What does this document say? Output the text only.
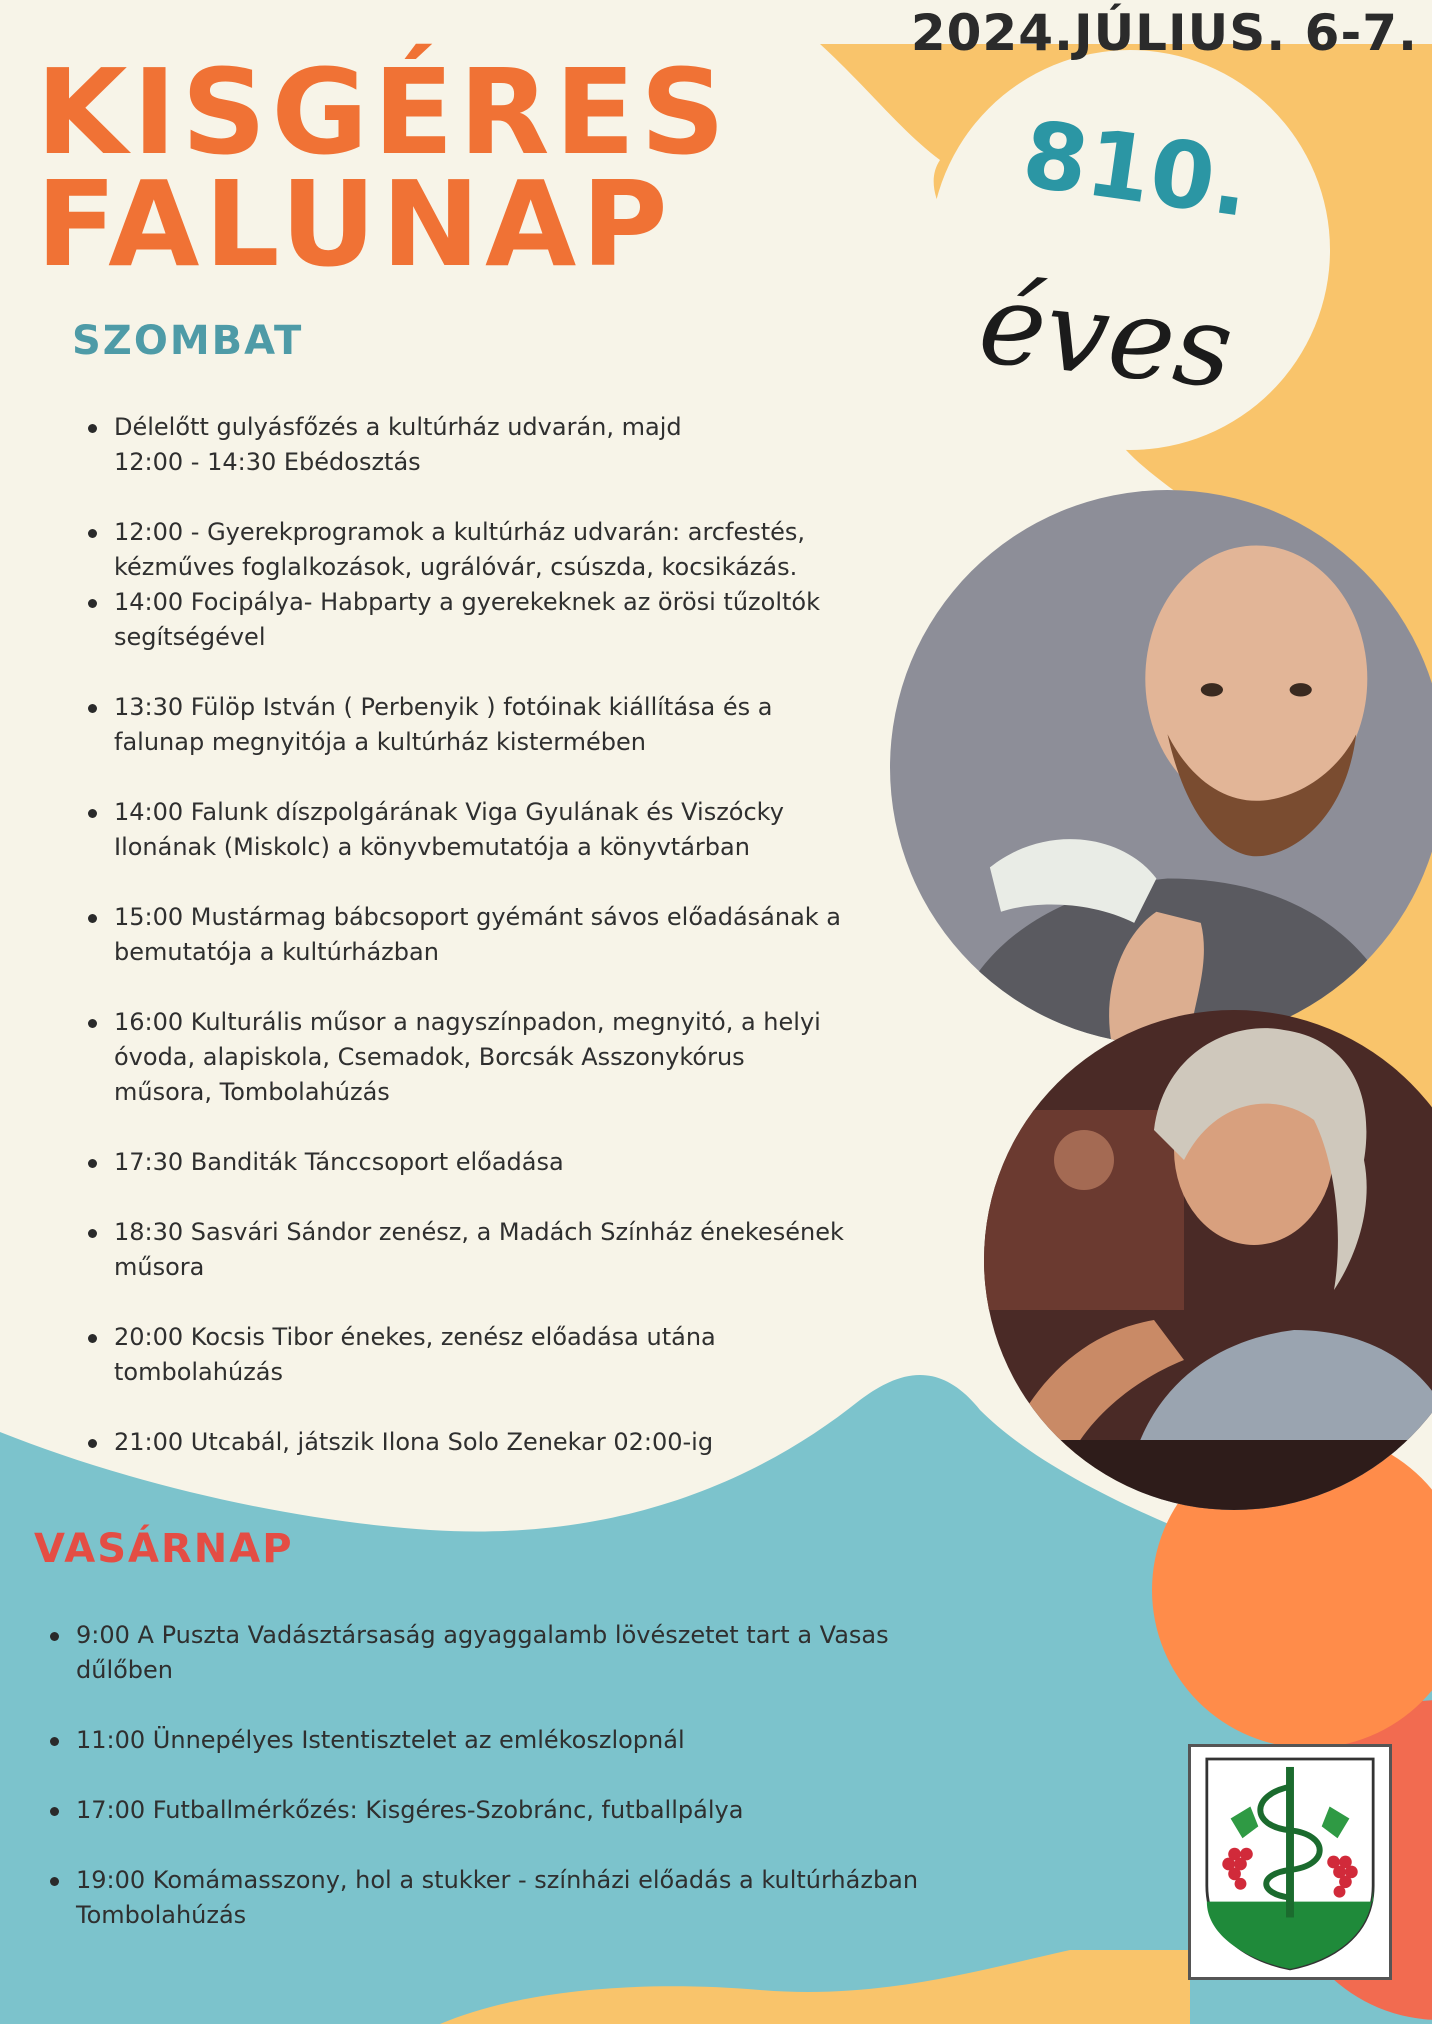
2024.JÚLIUS. 6-7.
KISGÉRES
FALUNAP	810.
éves
SZOMBAT
Délelőtt gulyásfőzés a kultúrház udvarán, majd
12:00 - 14:30 Ebédosztás
12:00 - Gyerekprogramok a kultúrház udvarán: arcfestés,
kézműves foglalkozások, ugrálóvár, csúszda, kocsikázás.
14:00 Focipálya- Habparty a gyerekeknek az örösi tűzoltók
segítségével
13:30 Fülöp István ( Perbenyik ) fotóinak kiállítása és a
falunap megnyitója a kultúrház kistermében
14:00 Falunk díszpolgárának Viga Gyulának és Viszócky
Ilonának (Miskolc) a könyvbemutatója a könyvtárban
15:00 Mustármag bábcsoport gyémánt sávos előadásának a
bemutatója a kultúrházban
16:00 Kulturális műsor a nagyszínpadon, megnyitó, a helyi
óvoda, alapiskola, Csemadok, Borcsák Asszonykórus
műsora, Tombolahúzás
17:30 Banditák Tánccsoport előadása
18:30 Sasvári Sándor zenész, a Madách Színház énekesének
műsora
20:00 Kocsis Tibor énekes, zenész előadása utána
tombolahúzás
21:00 Utcabál, játszik Ilona Solo Zenekar 02:00-ig
VASÁRNAP
9:00 A Puszta Vadásztársaság agyaggalamb lövészetet tart a Vasas
dűlőben
11:00 Ünnepélyes Istentisztelet az emlékoszlopnál
17:00 Futballmérkőzés: Kisgéres-Szobránc, futballpálya
19:00 Komámasszony, hol a stukker - színházi előadás a kultúrházban
Tombolahúzás
